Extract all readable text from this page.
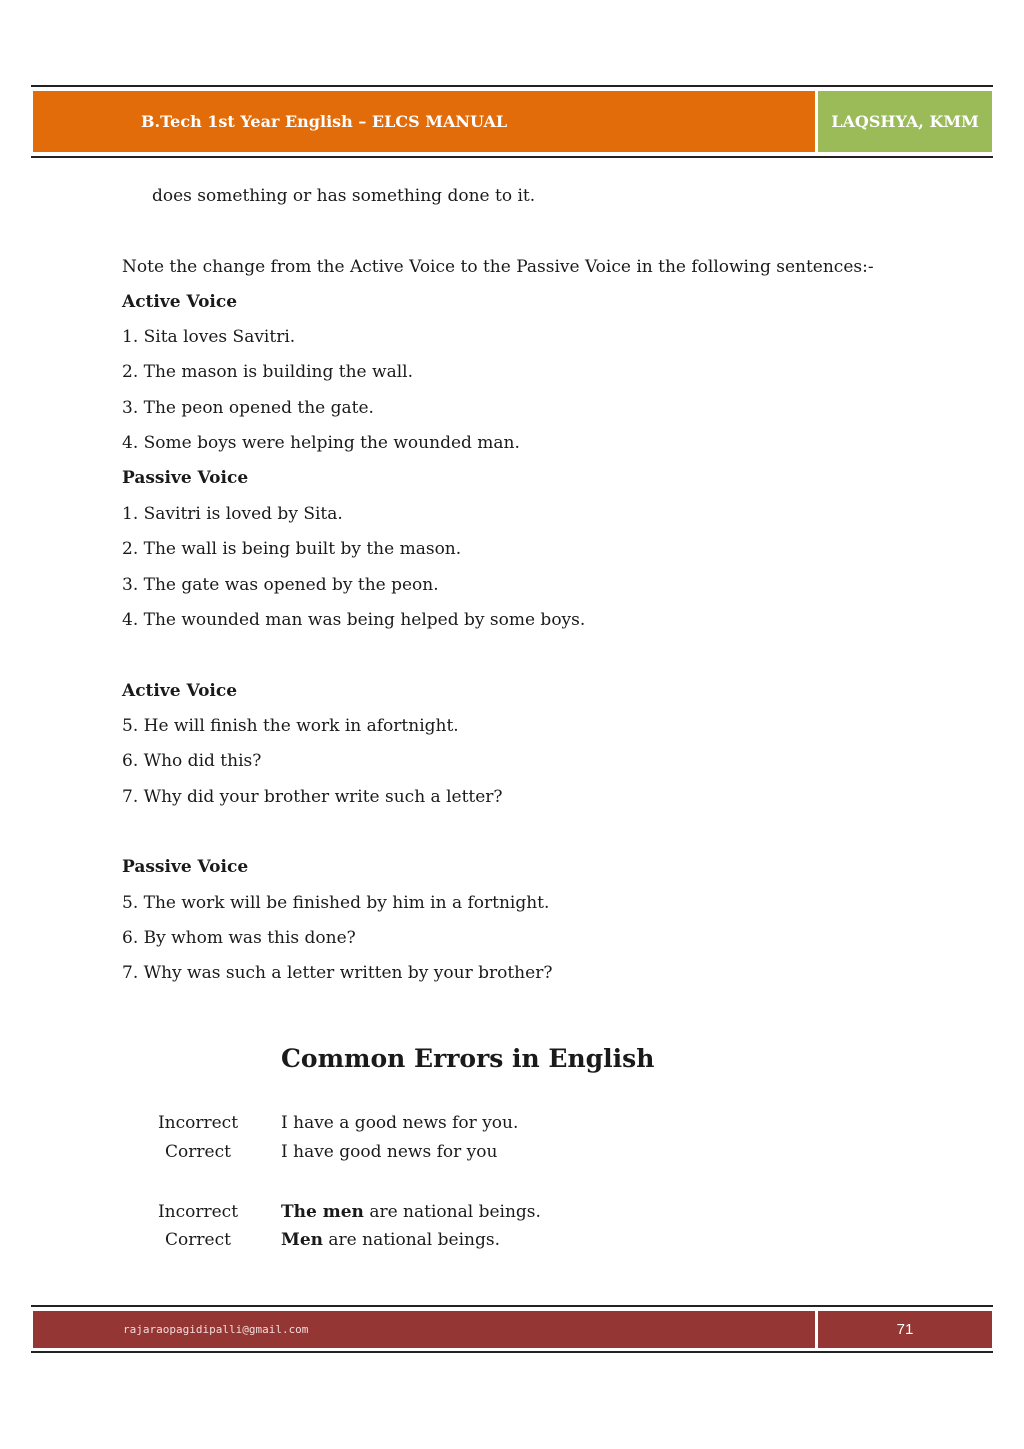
B.Tech 1st Year English – ELCS MANUAL	LAQSHYA, KMM
does something or has something done to it.
Note the change from the Active Voice to the Passive Voice in the following sentences:-
Active Voice
1. Sita loves Savitri.
2. The mason is building the wall.
3. The peon opened the gate.
4. Some boys were helping the wounded man.
Passive Voice
1. Savitri is loved by Sita.
2. The wall is being built by the mason.
3. The gate was opened by the peon.
4. The wounded man was being helped by some boys.
Active Voice
5. He will finish the work in afortnight.
6. Who did this?
7. Why did your brother write such a letter?
Passive Voice
5. The work will be finished by him in a fortnight.
6. By whom was this done?
7. Why was such a letter written by your brother?
Common Errors in English
Incorrect	I have a good news for you.
Correct	I have good news for you
Incorrect	The men are national beings.
Correct	Men are national beings.
rajaraopagidipalli@gmail.com	71
